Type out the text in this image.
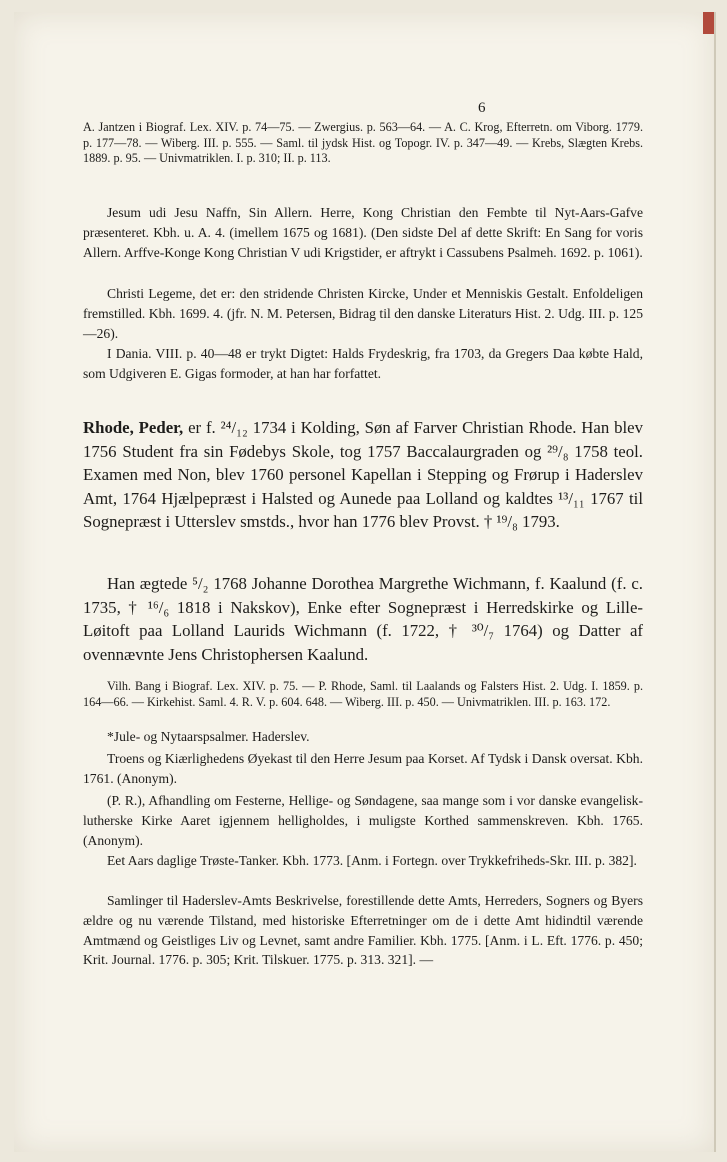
6

A. Jantzen i Biograf. Lex. XIV. p. 74—75. — Zwergius. p. 563—64. — A. C. Krog, Efterretn. om Viborg. 1779. p. 177—78. — Wiberg. III. p. 555. — Saml. til jydsk Hist. og Topogr. IV. p. 347—49. — Krebs, Slægten Krebs. 1889. p. 95. — Univmatriklen. I. p. 310; II. p. 113.

Jesum udi Jesu Naffn, Sin Allern. Herre, Kong Christian den Fembte til Nyt-Aars-Gafve præsenteret. Kbh. u. A. 4. (imellem 1675 og 1681). (Den sidste Del af dette Skrift: En Sang for voris Allern. Arffve-Konge Kong Christian V udi Krigstider, er aftrykt i Cassubens Psalmeh. 1692. p. 1061).

Christi Legeme, det er: den stridende Christen Kircke, Under et Menniskis Gestalt. Enfoldeligen fremstilled. Kbh. 1699. 4. (jfr. N. M. Petersen, Bidrag til den danske Literaturs Hist. 2. Udg. III. p. 125—26).

I Dania. VIII. p. 40—48 er trykt Digtet: Halds Frydeskrig, fra 1703, da Gregers Daa købte Hald, som Udgiveren E. Gigas formoder, at han har forfattet.

Rhode, Peder, er f. ²⁴/₁₂ 1734 i Kolding, Søn af Farver Christian Rhode. Han blev 1756 Student fra sin Fødebys Skole, tog 1757 Baccalaurgraden og ²⁹/₈ 1758 teol. Examen med Non, blev 1760 personel Kapellan i Stepping og Frørup i Haderslev Amt, 1764 Hjælpepræst i Halsted og Aunede paa Lolland og kaldtes ¹³/₁₁ 1767 til Sognepræst i Utterslev smstds., hvor han 1776 blev Provst. † ¹⁹/₈ 1793.

Han ægtede ⁵/₂ 1768 Johanne Dorothea Margrethe Wichmann, f. Kaalund (f. c. 1735, † ¹⁶/₆ 1818 i Nakskov), Enke efter Sognepræst i Herredskirke og Lille-Løitoft paa Lolland Laurids Wichmann (f. 1722, † ³⁰/₇ 1764) og Datter af ovennævnte Jens Christophersen Kaalund.

Vilh. Bang i Biograf. Lex. XIV. p. 75. — P. Rhode, Saml. til Laalands og Falsters Hist. 2. Udg. I. 1859. p. 164—66. — Kirkehist. Saml. 4. R. V. p. 604. 648. — Wiberg. III. p. 450. — Univmatriklen. III. p. 163. 172.

*Jule- og Nytaarspsalmer. Haderslev.

Troens og Kiærlighedens Øyekast til den Herre Jesum paa Korset. Af Tydsk i Dansk oversat. Kbh. 1761. (Anonym).

(P. R.), Afhandling om Festerne, Hellige- og Søndagene, saa mange som i vor danske evangelisk-lutherske Kirke Aaret igjennem helligholdes, i muligste Korthed sammenskreven. Kbh. 1765. (Anonym).

Eet Aars daglige Trøste-Tanker. Kbh. 1773. [Anm. i Fortegn. over Trykkefriheds-Skr. III. p. 382].

Samlinger til Haderslev-Amts Beskrivelse, forestillende dette Amts, Herreders, Sogners og Byers ældre og nu værende Tilstand, med historiske Efterretninger om de i dette Amt hidindtil værende Amtmænd og Geistliges Liv og Levnet, samt andre Familier. Kbh. 1775. [Anm. i L. Eft. 1776. p. 450; Krit. Journal. 1776. p. 305; Krit. Tilskuer. 1775. p. 313. 321]. —
